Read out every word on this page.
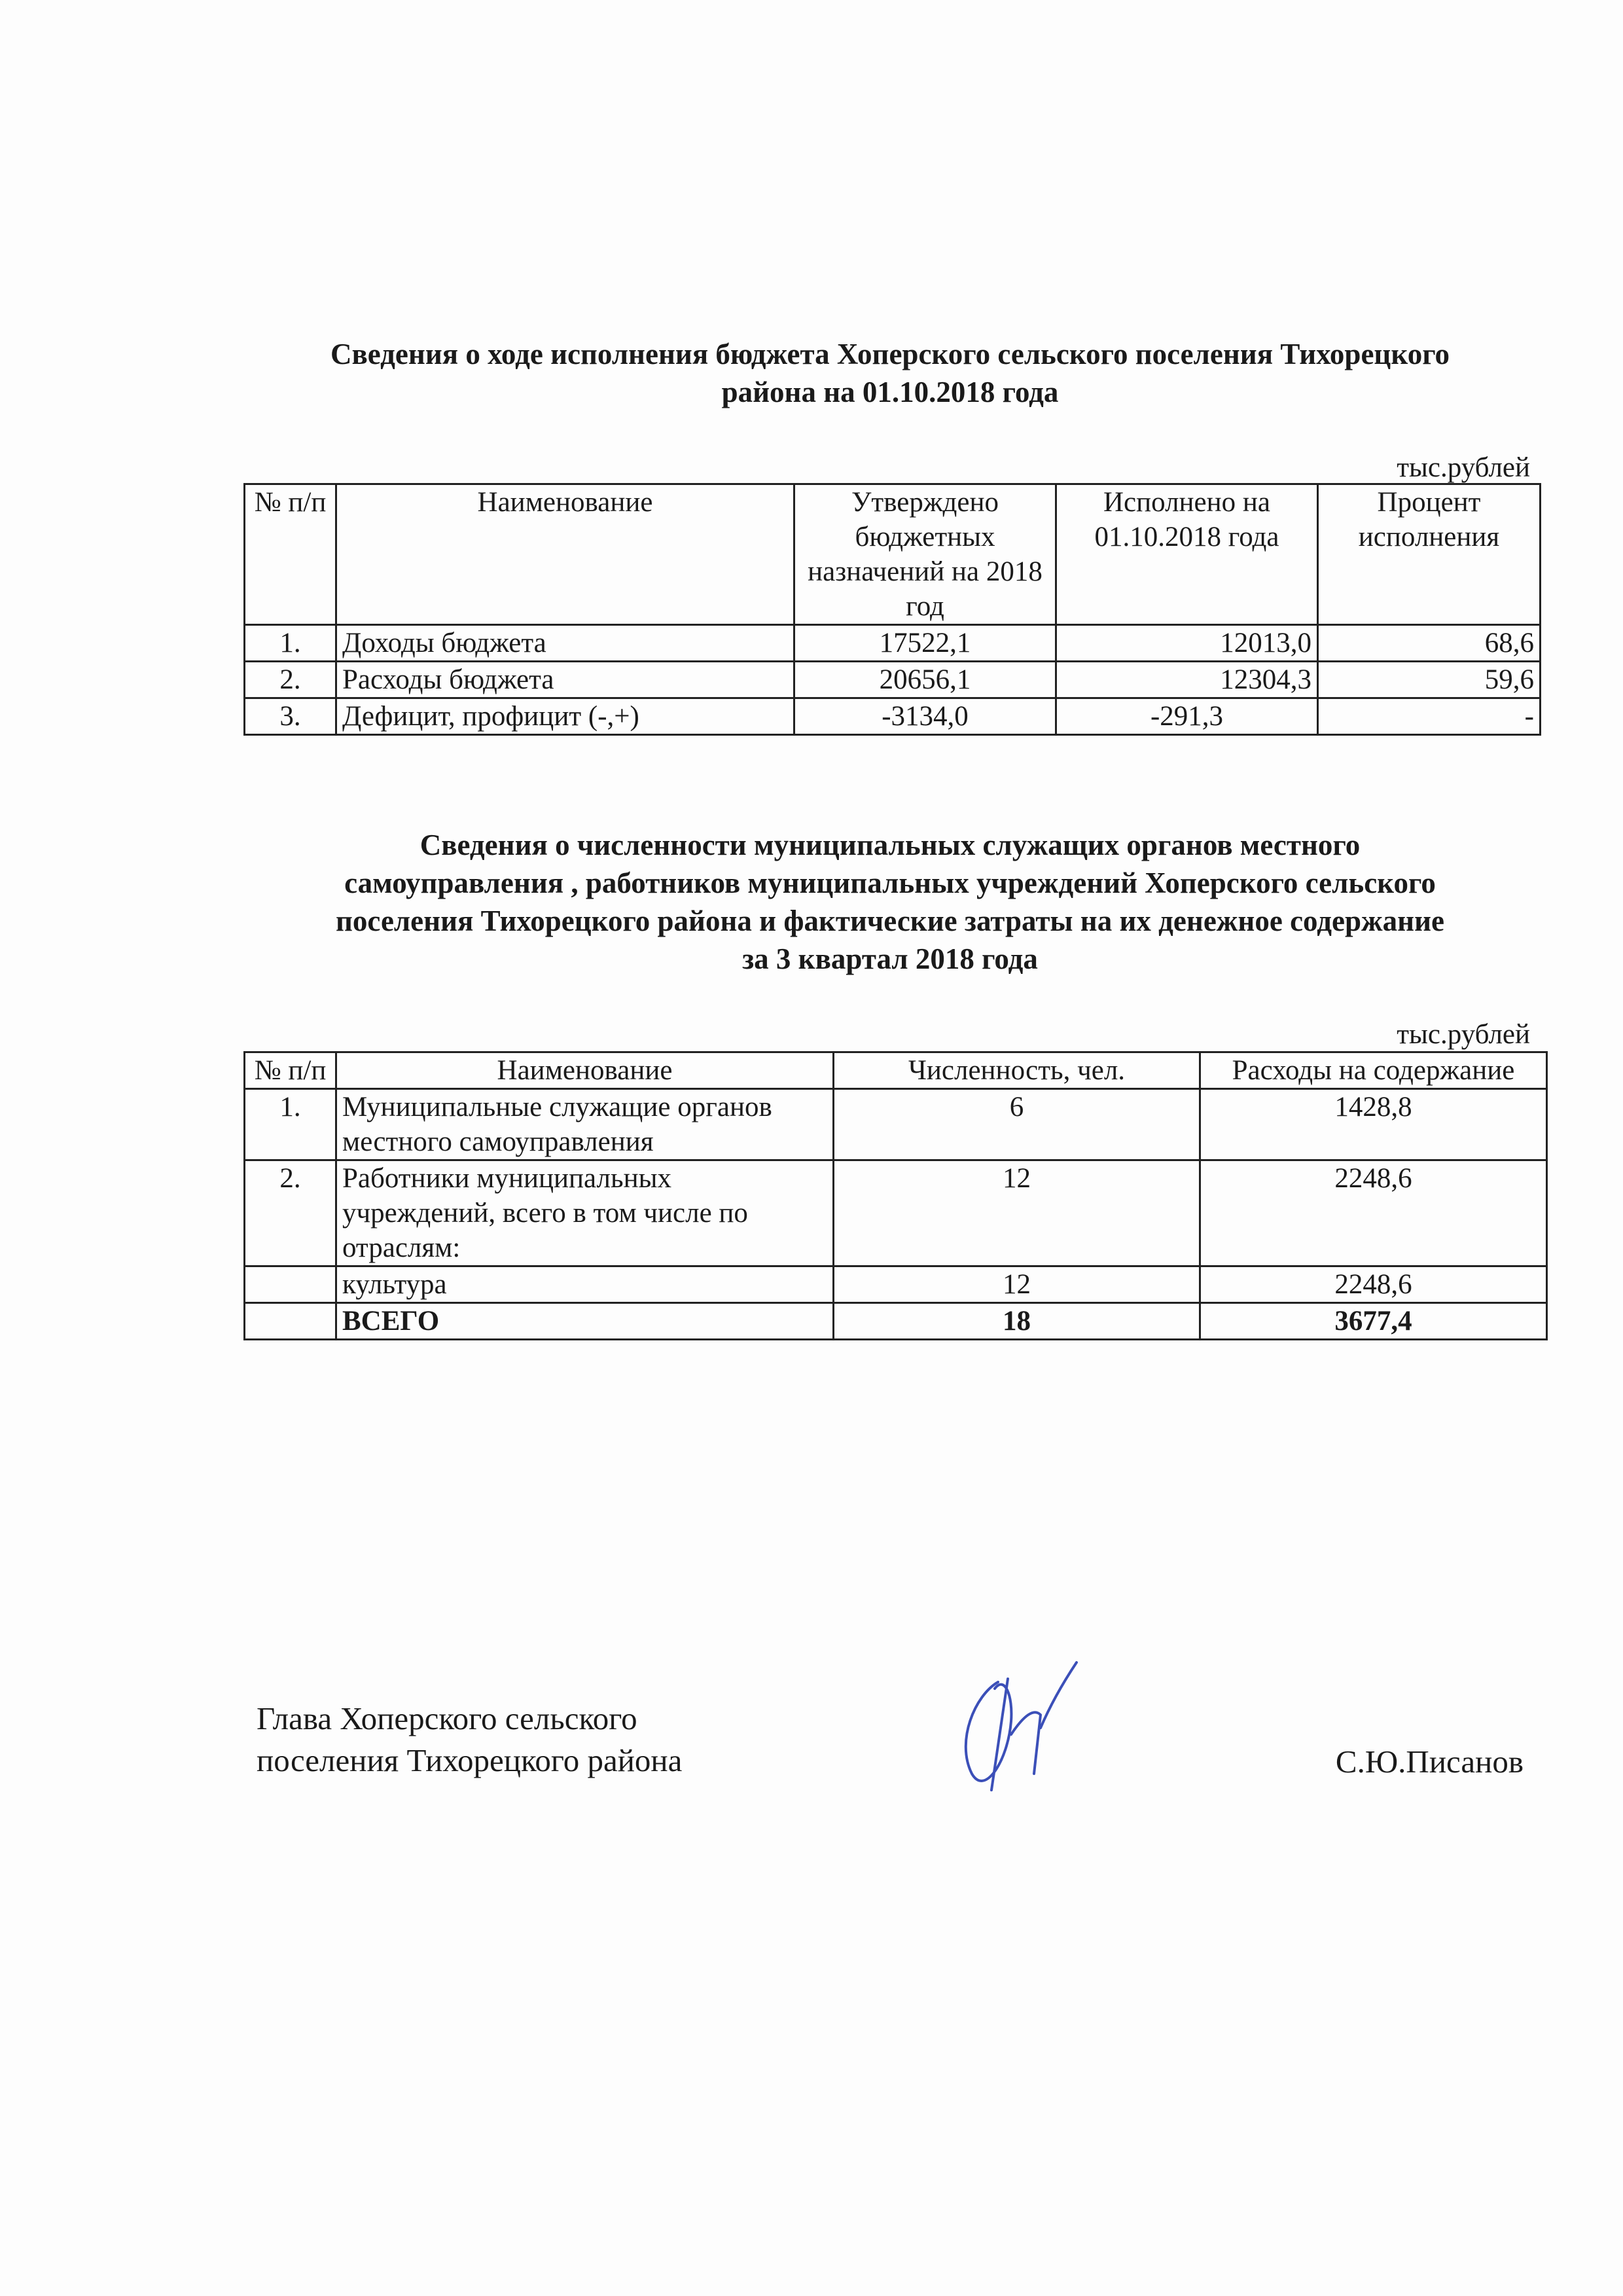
Сведения о ходе исполнения бюджета Хоперского сельского поселения Тихорецкого
района на 01.10.2018 года
тыс.рублей
№ п/п	Наименование	Утверждено бюджетных назначений на 2018 год	Исполнено на 01.10.2018 года	Процент исполнения
1.	Доходы бюджета	17522,1	12013,0	68,6
2.	Расходы бюджета	20656,1	12304,3	59,6
3.	Дефицит, профицит (-,+)	-3134,0	-291,3	-
Сведения о численности муниципальных служащих органов местного
самоуправления , работников муниципальных учреждений Хоперского сельского
поселения Тихорецкого района и фактические затраты на их денежное содержание
за 3 квартал 2018 года
тыс.рублей
№ п/п	Наименование	Численность, чел.	Расходы на содержание
1.	Муниципальные служащие органов местного самоуправления	6	1428,8
2.	Работники муниципальных учреждений, всего в том числе по отраслям:	12	2248,6
	культура	12	2248,6
	ВСЕГО	18	3677,4
Глава Хоперского сельского
поселения Тихорецкого района	С.Ю.Писанов
